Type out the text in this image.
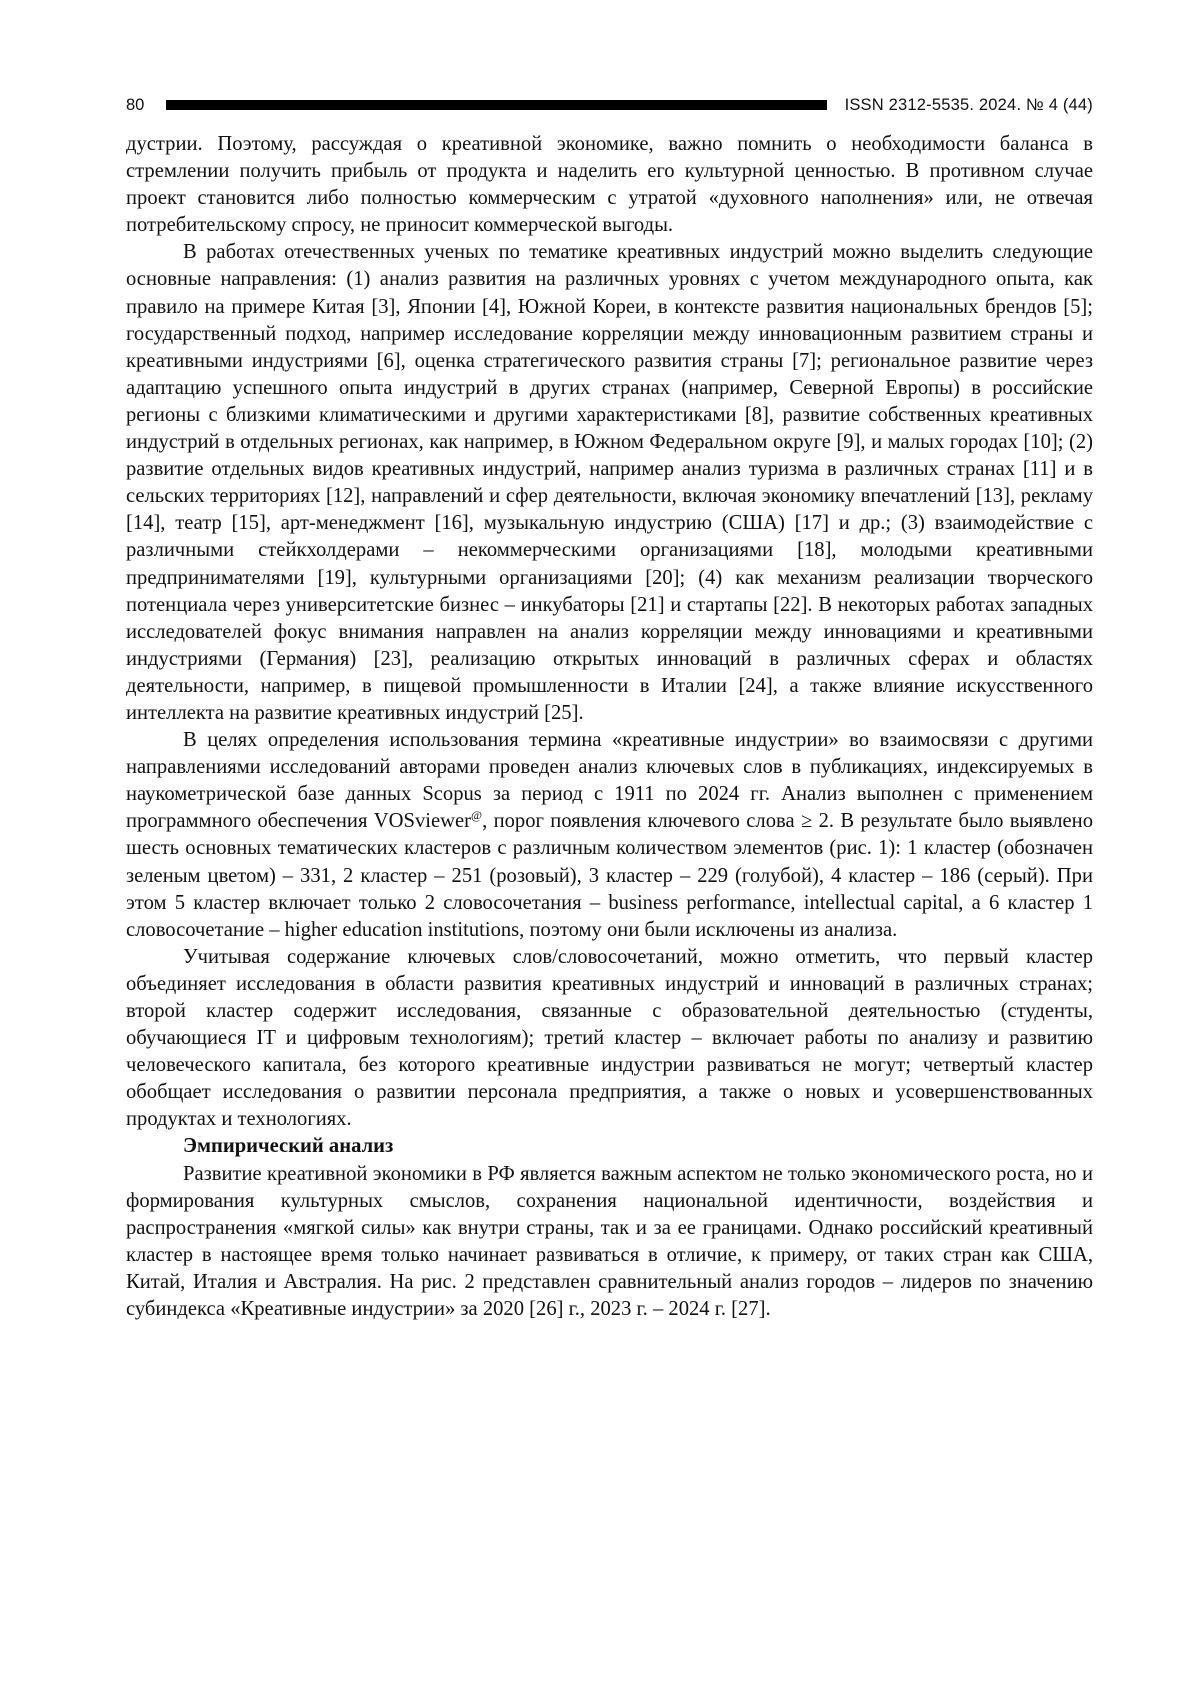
80	ISSN 2312-5535. 2024. № 4 (44)

дустрии. Поэтому, рассуждая о креативной экономике, важно помнить о необходимости баланса в стремлении получить прибыль от продукта и наделить его культурной ценностью. В противном случае проект становится либо полностью коммерческим с утратой «духовного наполнения» или, не отвечая потребительскому спросу, не приносит коммерческой выгоды.

В работах отечественных ученых по тематике креативных индустрий можно выделить следующие основные направления: (1) анализ развития на различных уровнях с учетом международного опыта, как правило на примере Китая [3], Японии [4], Южной Кореи, в контексте развития национальных брендов [5]; государственный подход, например исследование корреляции между инновационным развитием страны и креативными индустриями [6], оценка стратегического развития страны [7]; региональное развитие через адаптацию успешного опыта индустрий в других странах (например, Северной Европы) в российские регионы с близкими климатическими и другими характеристиками [8], развитие собственных креативных индустрий в отдельных регионах, как например, в Южном Федеральном округе [9], и малых городах [10]; (2) развитие отдельных видов креативных индустрий, например анализ туризма в различных странах [11] и в сельских территориях [12], направлений и сфер деятельности, включая экономику впечатлений [13], рекламу [14], театр [15], арт-менеджмент [16], музыкальную индустрию (США) [17] и др.; (3) взаимодействие с различными стейкхолдерами – некоммерческими организациями [18], молодыми креативными предпринимателями [19], культурными организациями [20]; (4) как механизм реализации творческого потенциала через университетские бизнес – инкубаторы [21] и стартапы [22]. В некоторых работах западных исследователей фокус внимания направлен на анализ корреляции между инновациями и креативными индустриями (Германия) [23], реализацию открытых инноваций в различных сферах и областях деятельности, например, в пищевой промышленности в Италии [24], а также влияние искусственного интеллекта на развитие креативных индустрий [25].

В целях определения использования термина «креативные индустрии» во взаимосвязи с другими направлениями исследований авторами проведен анализ ключевых слов в публикациях, индексируемых в наукометрической базе данных Scopus за период с 1911 по 2024 гг. Анализ выполнен с применением программного обеспечения VOSviewer@, порог появления ключевого слова ≥ 2. В результате было выявлено шесть основных тематических кластеров с различным количеством элементов (рис. 1): 1 кластер (обозначен зеленым цветом) – 331, 2 кластер – 251 (розовый), 3 кластер – 229 (голубой), 4 кластер – 186 (серый). При этом 5 кластер включает только 2 словосочетания – business performance, intellectual capital, а 6 кластер 1 словосочетание – higher education institutions, поэтому они были исключены из анализа.

Учитывая содержание ключевых слов/словосочетаний, можно отметить, что первый кластер объединяет исследования в области развития креативных индустрий и инноваций в различных странах; второй кластер содержит исследования, связанные с образовательной деятельностью (студенты, обучающиеся IT и цифровым технологиям); третий кластер – включает работы по анализу и развитию человеческого капитала, без которого креативные индустрии развиваться не могут; четвертый кластер обобщает исследования о развитии персонала предприятия, а также о новых и усовершенствованных продуктах и технологиях.

Эмпирический анализ

Развитие креативной экономики в РФ является важным аспектом не только экономического роста, но и формирования культурных смыслов, сохранения национальной идентичности, воздействия и распространения «мягкой силы» как внутри страны, так и за ее границами. Однако российский креативный кластер в настоящее время только начинает развиваться в отличие, к примеру, от таких стран как США, Китай, Италия и Австралия. На рис. 2 представлен сравнительный анализ городов – лидеров по значению субиндекса «Креативные индустрии» за 2020 [26] г., 2023 г. – 2024 г. [27].
